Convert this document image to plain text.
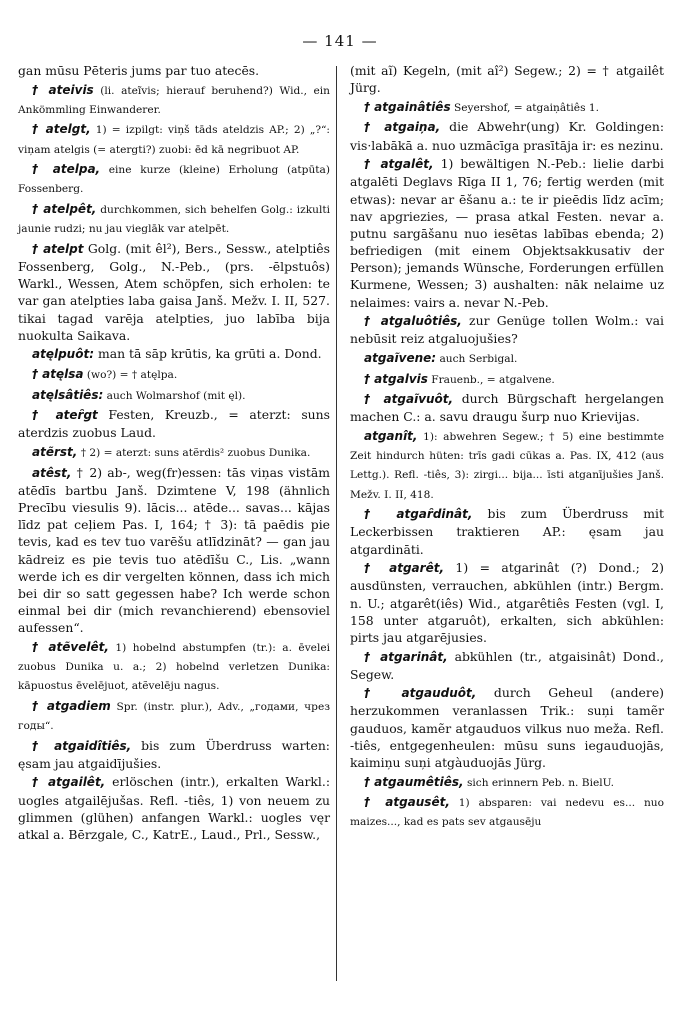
— 141 —

gan mūsu Pēteris jums par tuo atecēs.

† ateivis (li. ateĩvis; hierauf beruhend?) Wid., ein Ankömmling Einwanderer.

† atelgt, 1) = izpilgt: viņš tāds ateldzis AP.; 2) „?“: viņam atelgis (= atergti?) zuobi: ēd kā negribuot AP.

† atelpa, eine kurze (kleine) Erholung (atpūta) Fossenberg.

† atelpêt, durchkommen, sich behelfen Golg.: izkulti jaunie rudzi; nu jau vieglāk var atelpēt.

† atelpt Golg. (mit êl²), Bers., Sessw., atelptiês Fossenberg, Golg., N.-Peb., (prs. -ēlpstuôs) Warkl., Wessen, Atem schöpfen, sich erholen: te var gan atelpties laba gaisa Janš. Mežv. I. II, 527. tikai tagad varēja atelpties, juo labība bija nuokulta Saikava.

atęlpuôt: man tā sāp krūtis, ka grūti a. Dond.

† atęlsa (wo?) = † atęlpa.

atęlsâtiês: auch Wolmarshof (mit ęl).

† ateȓgt Festen, Kreuzb., = aterzt: suns aterdzis zuobus Laud.

atẽrst, † 2) = aterzt: suns atẽrdis² zuobus Dunika.

atêst, † 2) ab-, weg(fr)essen: tās viņas vistām atēdīs bartbu Janš. Dzimtene V, 198 (ähnlich Precību viesulis 9). lācis... atēde... savas... kājas līdz pat ceļiem Pas. I, 164; † 3): tā paēdis pie tevis, kad es tev tuo varēšu atlīdzināt? — gan jau kādreiz es pie tevis tuo atēdīšu C., Lis. „wann werde ich es dir vergelten können, dass ich mich bei dir so satt gegessen habe? Ich werde schon einmal bei dir (mich revanchierend) ebensoviel aufessen“.

† atẽvelêt, 1) hobelnd abstumpfen (tr.): a. ēvelei zuobus Dunika u. a.; 2) hobelnd verletzen Dunika: kāpuostus ēvelējuot, atẽvelēju nagus.

† atgadiem Spr. (instr. plur.), Adv., „годами, чрез годы“.

† atgaidîtiês, bis zum Überdruss warten: ęsam jau atgaidījušies.

† atgailêt, erlöschen (intr.), erkalten Warkl.: uogles atgailējušas. Refl. -tiês, 1) von neuem zu glimmen (glühen) anfangen Warkl.: uogles vęr atkal a. Bērzgale, C., KatrE., Laud., Prl., Sessw.,

(mit aĩ) Kegeln, (mit aî²) Segew.; 2) = † atgailêt Jürg.

† atgainâtiês Seyershof, = atgaiņâtiês 1.

† atgaiņa, die Abwehr(ung) Kr. Goldingen: vis·labākā a. nuo uzmācīga prasītāja ir: es nezinu.

† atgalêt, 1) bewältigen N.-Peb.: lielie darbi atgalēti Deglavs Rīga II 1, 76; fertig werden (mit etwas): nevar ar ēšanu a.: te ir pieēdis līdz acīm; nav apgriezies, — prasa atkal Festen. nevar a. putnu sargāšanu nuo iesētas labības ebenda; 2) befriedigen (mit einem Objektsakkusativ der Person); jemands Wünsche, Forderungen erfüllen Kurmene, Wessen; 3) aushalten: nāk nelaime uz nelaimes: vairs a. nevar N.-Peb.

† atgaluôtiês, zur Genüge tollen Wolm.: vai nebūsit reiz atgaluojušies?

atgaĩvene: auch Serbigal.

† atgalvis Frauenb., = atgalvene.

† atgaĩvuôt, durch Bürgschaft hergelangen machen C.: a. savu draugu šurp nuo Krievijas.

atganît, 1): abwehren Segew.; † 5) eine bestimmte Zeit hindurch hüten: trīs gadi cūkas a. Pas. IX, 412 (aus Lettg.). Refl. -tiês, 3): zirgi... bija... īsti atganījušies Janš. Mežv. I. II, 418.

† atgaȓdinât, bis zum Überdruss mit Leckerbissen traktieren AP.: ęsam jau atgardināti.

† atgarêt, 1) = atgarinât (?) Dond.; 2) ausdünsten, verrauchen, abkühlen (intr.) Bergm. n. U.; atgarêt(iês) Wid., atgarêtiês Festen (vgl. I, 158 unter atgaruôt), erkalten, sich abkühlen: pirts jau atgarējusies.

† atgarinât, abkühlen (tr., atgaisinât) Dond., Segew.

† atgauduôt, durch Geheul (andere) herzukommen veranlassen Trik.: suņi tamẽr gauduos, kamẽr atgauduos vilkus nuo meža. Refl. -tiês, entgegenheulen: mūsu suns iegauduojās, kaimiņu suņi atgàuduojās Jürg.

† atgaumêtiês, sich erinnern Peb. n. BielU.

† atgausêt, 1) absparen: vai nedevu es... nuo maizes..., kad es pats sev atgausēju
